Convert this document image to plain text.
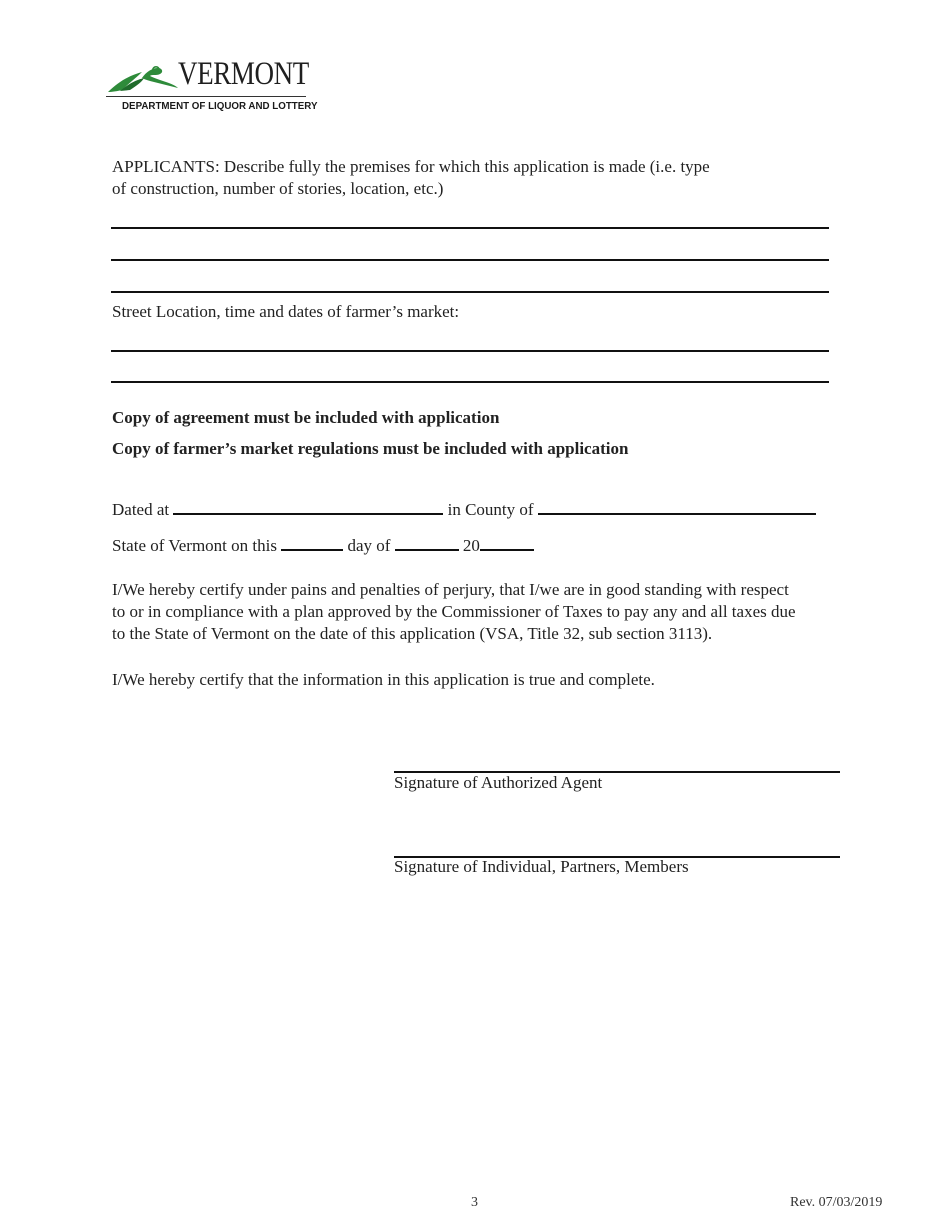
VERMONT
DEPARTMENT OF LIQUOR AND LOTTERY
APPLICANTS: Describe fully the premises for which this application is made (i.e. type
of construction, number of stories, location, etc.)
Street Location, time and dates of farmer’s market:
Copy of agreement must be included with application
Copy of farmer’s market regulations must be included with application
Dated at	in County of
State of Vermont on this	day of	20
I/We hereby certify under pains and penalties of perjury, that I/we are in good standing with respect
to or in compliance with a plan approved by the Commissioner of Taxes to pay any and all taxes due
to the State of Vermont on the date of this application (VSA, Title 32, sub section 3113).
I/We hereby certify that the information in this application is true and complete.
Signature of Authorized Agent
Signature of Individual, Partners, Members
3	Rev. 07/03/2019
